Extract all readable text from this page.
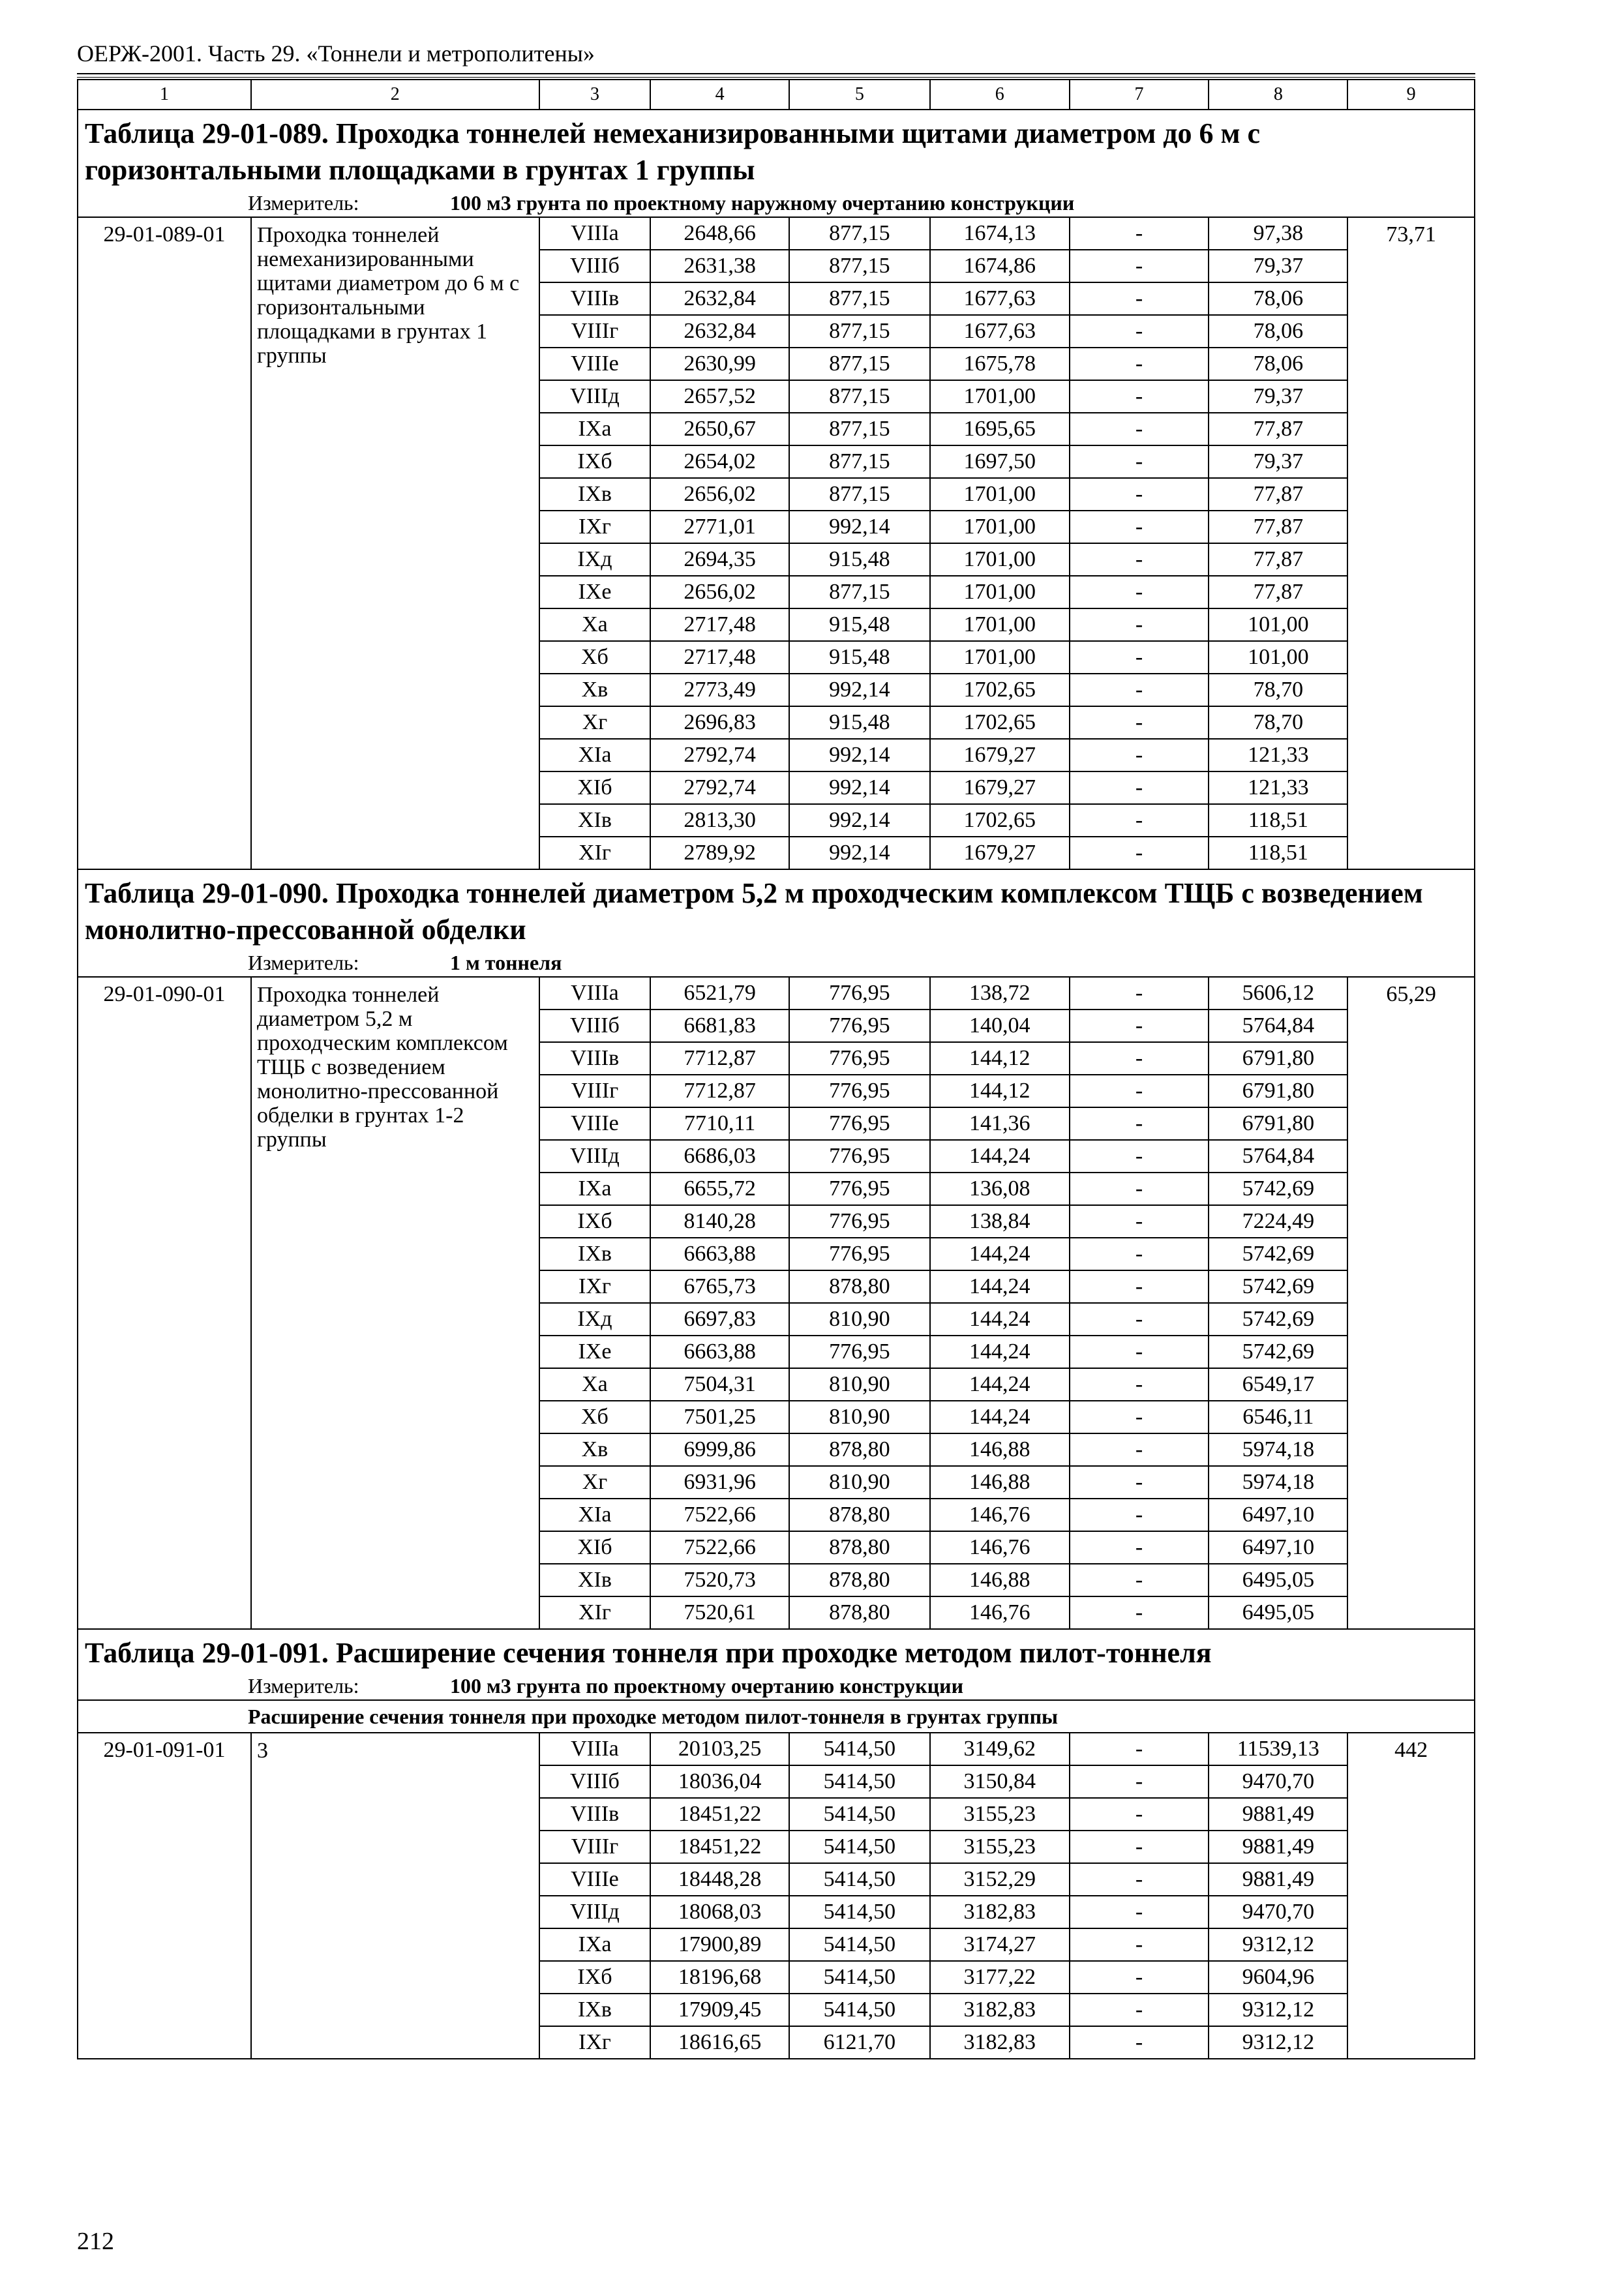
ОЕРЖ-2001. Часть 29. «Тоннели и метрополитены»
1	2	3	4	5	6	7	8	9
Таблица 29-01-089. Проходка тоннелей немеханизированными щитами диаметром до 6 м с горизонтальными площадками в грунтах 1 группы								
Измеритель: 100 м3 грунта по проектному наружному очертанию конструкции								
29-01-089-01	Проходка тоннелей немеханизированными щитами диаметром до 6 м с горизонтальными площадками в грунтах 1 группы	VIIIа	2648,66	877,15	1674,13	-	97,38	73,71
		VIIIб	2631,38	877,15	1674,86	-	79,37	
		VIIIв	2632,84	877,15	1677,63	-	78,06	
		VIIIг	2632,84	877,15	1677,63	-	78,06	
		VIIIе	2630,99	877,15	1675,78	-	78,06	
		VIIIд	2657,52	877,15	1701,00	-	79,37	
		IXа	2650,67	877,15	1695,65	-	77,87	
		IXб	2654,02	877,15	1697,50	-	79,37	
		IXв	2656,02	877,15	1701,00	-	77,87	
		IXг	2771,01	992,14	1701,00	-	77,87	
		IXд	2694,35	915,48	1701,00	-	77,87	
		IXе	2656,02	877,15	1701,00	-	77,87	
		Xа	2717,48	915,48	1701,00	-	101,00	
		Xб	2717,48	915,48	1701,00	-	101,00	
		Xв	2773,49	992,14	1702,65	-	78,70	
		Xг	2696,83	915,48	1702,65	-	78,70	
		XIа	2792,74	992,14	1679,27	-	121,33	
		XIб	2792,74	992,14	1679,27	-	121,33	
		XIв	2813,30	992,14	1702,65	-	118,51	
		XIг	2789,92	992,14	1679,27	-	118,51	
Таблица 29-01-090. Проходка тоннелей диаметром 5,2 м проходческим комплексом ТЩБ с возведением монолитно-прессованной обделки								
Измеритель: 1 м тоннеля								
29-01-090-01	Проходка тоннелей диаметром 5,2 м проходческим комплексом ТЩБ с возведением монолитно-прессованной обделки в грунтах 1-2 группы	VIIIа	6521,79	776,95	138,72	-	5606,12	65,29
		VIIIб	6681,83	776,95	140,04	-	5764,84	
		VIIIв	7712,87	776,95	144,12	-	6791,80	
		VIIIг	7712,87	776,95	144,12	-	6791,80	
		VIIIе	7710,11	776,95	141,36	-	6791,80	
		VIIIд	6686,03	776,95	144,24	-	5764,84	
		IXа	6655,72	776,95	136,08	-	5742,69	
		IXб	8140,28	776,95	138,84	-	7224,49	
		IXв	6663,88	776,95	144,24	-	5742,69	
		IXг	6765,73	878,80	144,24	-	5742,69	
		IXд	6697,83	810,90	144,24	-	5742,69	
		IXе	6663,88	776,95	144,24	-	5742,69	
		Xа	7504,31	810,90	144,24	-	6549,17	
		Xб	7501,25	810,90	144,24	-	6546,11	
		Xв	6999,86	878,80	146,88	-	5974,18	
		Xг	6931,96	810,90	146,88	-	5974,18	
		XIа	7522,66	878,80	146,76	-	6497,10	
		XIб	7522,66	878,80	146,76	-	6497,10	
		XIв	7520,73	878,80	146,88	-	6495,05	
		XIг	7520,61	878,80	146,76	-	6495,05	
Таблица 29-01-091. Расширение сечения тоннеля при проходке методом пилот-тоннеля								
Измеритель: 100 м3 грунта по проектному очертанию конструкции								
Расширение сечения тоннеля при проходке методом пилот-тоннеля в грунтах группы								
29-01-091-01	3	VIIIа	20103,25	5414,50	3149,62	-	11539,13	442
		VIIIб	18036,04	5414,50	3150,84	-	9470,70	
		VIIIв	18451,22	5414,50	3155,23	-	9881,49	
		VIIIг	18451,22	5414,50	3155,23	-	9881,49	
		VIIIе	18448,28	5414,50	3152,29	-	9881,49	
		VIIIд	18068,03	5414,50	3182,83	-	9470,70	
		IXа	17900,89	5414,50	3174,27	-	9312,12	
		IXб	18196,68	5414,50	3177,22	-	9604,96	
		IXв	17909,45	5414,50	3182,83	-	9312,12	
		IXг	18616,65	6121,70	3182,83	-	9312,12	
212
